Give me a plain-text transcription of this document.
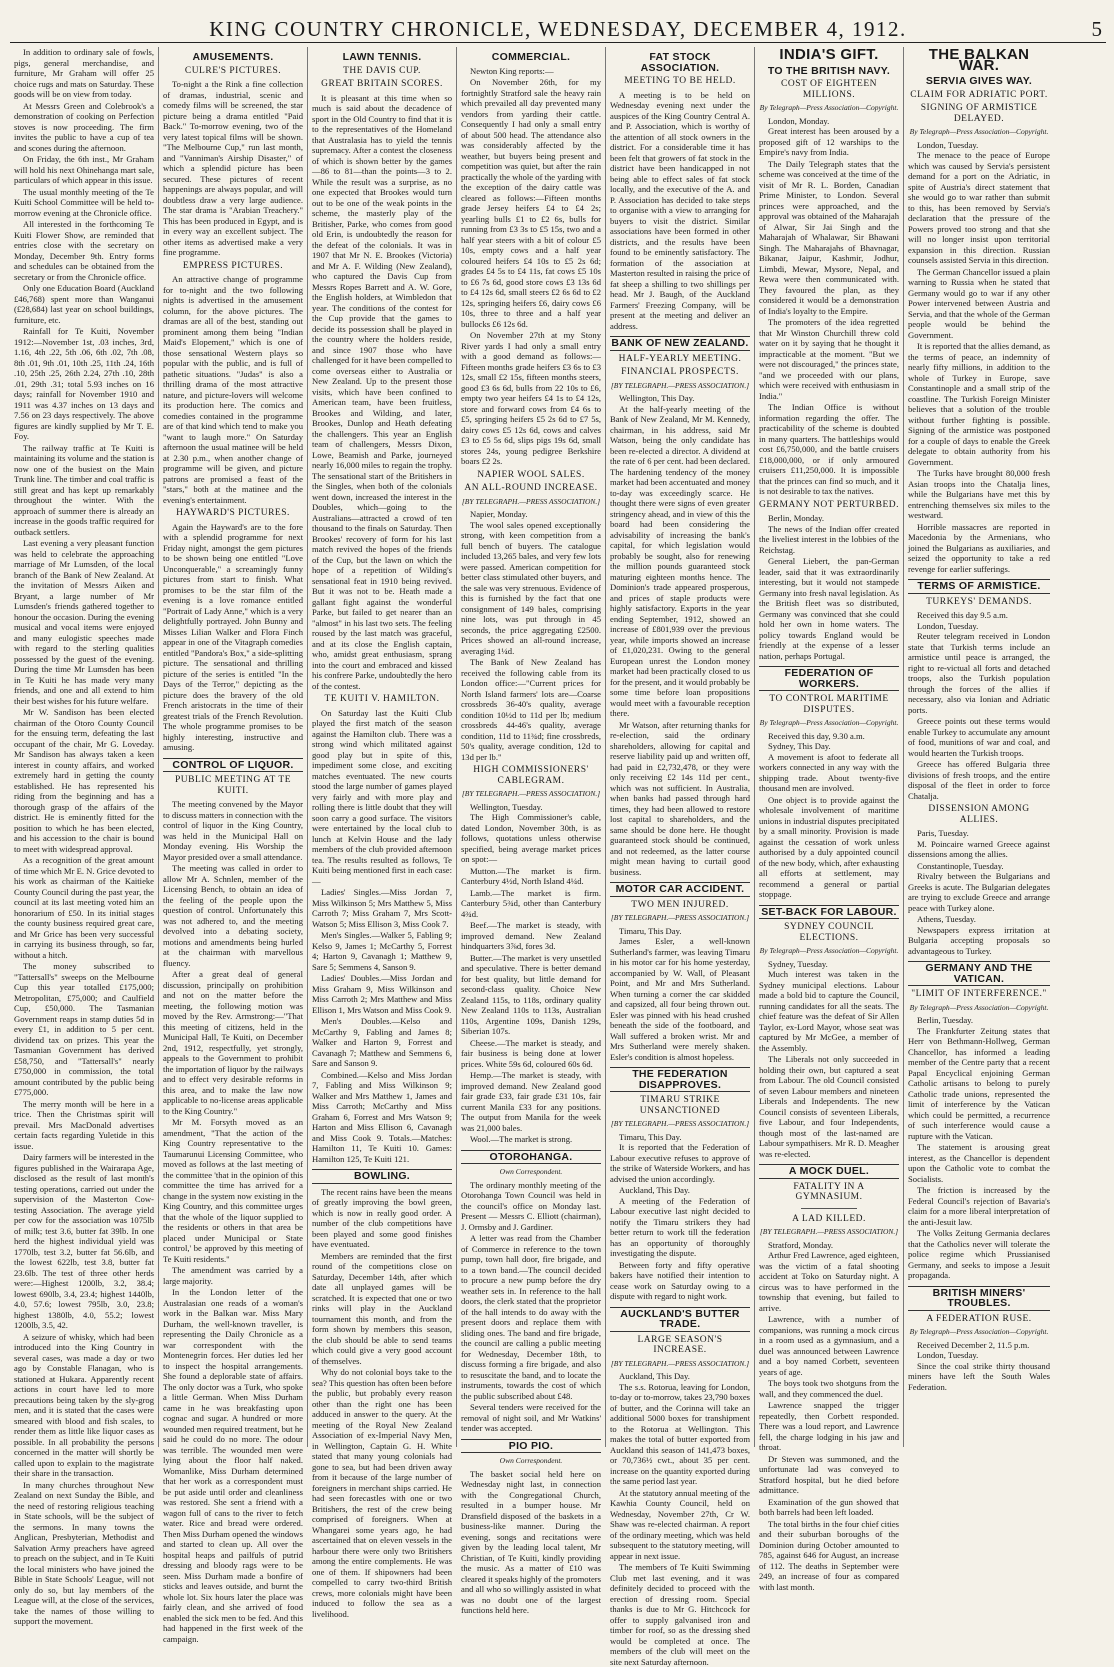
KING COUNTRY CHRONICLE, WEDNESDAY, DECEMBER 4, 1912.	5

In addition to ordinary sale of fowls, pigs, general merchandise, and furniture, Mr Graham will offer 25 choice rugs and mats on Saturday. These goods will be on view from today.

At Messrs Green and Colebrook's a demonstration of cooking on Perfection stoves is now proceeding. The firm invites the public to have a cup of tea and scones during the afternoon.

On Friday, the 6th inst., Mr Graham will hold his next Ohinehanga mart sale, particulars of which appear in this issue.

The usual monthly meeting of the Te Kuiti School Committee will be held to-morrow evening at the Chronicle office.

All interested in the forthcoming Te Kuiti Flower Show, are reminded that entries close with the secretary on Monday, December 9th. Entry forms and schedules can be obtained from the secretary or from the Chronicle office.

Only one Education Board (Auckland £46,768) spent more than Wanganui (£28,684) last year on school buildings, furniture, etc.

Rainfall for Te Kuiti, November 1912:—November 1st, .03 inches, 3rd, 1.16, 4th .22, 5th .06, 6th .02, 7th .08, 8th .01, 9th .01, 10th .25, 11th .24, 16th .10, 25th .25, 26th 2.24, 27th .10, 28th .01, 29th .31; total 5.93 inches on 16 days; rainfall for November 1910 and 1911 was 4.37 inches on 13 days and 7.56 on 23 days respectively. The above figures are kindly supplied by Mr T. E. Foy.

The railway traffic at Te Kuiti is maintaining its volume and the station is now one of the busiest on the Main Trunk line. The timber and coal traffic is still great and has kept up remarkably throughout the winter. With the approach of summer there is already an increase in the goods traffic required for outback settlers.

Last evening a very pleasant function was held to celebrate the approaching marriage of Mr Lumsden, of the local branch of the Bank of New Zealand. At the invitation of Messrs Aiken and Bryant, a large number of Mr Lumsden's friends gathered together to honour the occasion. During the evening musical and vocal items were enjoyed and many eulogistic speeches made with regard to the sterling qualities possessed by the guest of the evening. During the time Mr Lumsden has been in Te Kuiti he has made very many friends, and one and all extend to him their best wishes for his future welfare.

Mr W. Sandison has been elected chairman of the Otoro County Council for the ensuing term, defeating the last occupant of the chair, Mr G. Loveday. Mr Sandison has always taken a keen interest in county affairs, and worked extremely hard in getting the county established. He has represented his riding from the beginning and has a thorough grasp of the affairs of the district. He is eminently fitted for the position to which he has been elected, and his accession to the chair is bound to meet with widespread approval.

As a recognition of the great amount of time which Mr E. N. Grice devoted to his work as chairman of the Kaitieke County Council during the past year, the council at its last meeting voted him an honorarium of £50. In its initial stages the county business required great care, and Mr Grice has been very successful in carrying its business through, so far, without a hitch.

The money subscribed to "Tattersall's" sweeps on the Melbourne Cup this year totalled £175,000; Metropolitan, £75,000; and Caulfield Cup, £50,000. The Tasmanian Government reaps in stamp duties 5d in every £1, in addition to 5 per cent. dividend tax on prizes. This year the Tasmanian Government has derived £58,750, and "Tattersall's" nearly £750,000 in commission, the total amount contributed by the public being £775,000.

The merry month will be here in a trice. Then the Christmas spirit will prevail. Mrs MacDonald advertises certain facts regarding Yuletide in this issue.

Dairy farmers will be interested in the figures published in the Wairarapa Age, disclosed as the result of last month's testing operations, carried out under the supervision of the Masterton Cow-testing Association. The average yield per cow for the association was 1075lb of milk; test 3.6, butter fat 39lb. In one herd the highest individual yield was 1770lb, test 3.2, butter fat 56.6lb, and the lowest 622lb, test 3.8, butter fat 23.6lb. The test of three other herds were:—Highest 1200lb, 3.2, 38.4; lowest 690lb, 3.4, 23.4; highest 1440lb, 4.0, 57.6; lowest 795lb, 3.0, 23.8; highest 1380lb, 4.0, 55.2; lowest 1200lb, 3.5, 42.

A seizure of whisky, which had been introduced into the King Country in several cases, was made a day or two ago by Constable Flanagan, who is stationed at Hukara. Apparently recent actions in court have led to more precautions being taken by the sly-grog men, and it is stated that the cases were smeared with blood and fish scales, to render them as little like liquor cases as possible. In all probability the persons concerned in the matter will shortly be called upon to explain to the magistrate their share in the transaction.

In many churches throughout New Zealand on next Sunday the Bible, and the need of restoring religious teaching in State schools, will be the subject of the sermons. In many towns the Anglican, Presbyterian, Methodist and Salvation Army preachers have agreed to preach on the subject, and in Te Kuiti the local ministers who have joined the Bible in State Schools' League, will not only do so, but lay members of the League will, at the close of the services, take the names of those willing to support the movement.

AMUSEMENTS.
CULRE'S PICTURES.

To-night a the Rink a fine collection of dramas, industrial, scenic and comedy films will be screened, the star picture being a drama entitled "Paid Back." To-morrow evening, two of the very latest topical films will be shown. "The Melbourne Cup," run last month, and "Vanniman's Airship Disaster," of which a splendid picture has been secured. These pictures of recent happenings are always popular, and will doubtless draw a very large audience. The star drama is "Arabian Treachery." This has been produced in Egypt, and is in every way an excellent subject. The other items as advertised make a very fine programme.

EMPRESS PICTURES.

An attractive change of programme for to-night and the two following nights is advertised in the amusement column, for the above pictures. The dramas are all of the best, standing out prominent among them being "Indian Maid's Elopement," which is one of those sensational Western plays so popular with the public, and is full of pathetic situations. "Judas" is also a thrilling drama of the most attractive nature, and picture-lovers will welcome its production here. The comics and comedies contained in the programme are of that kind which tend to make you "want to laugh more." On Saturday afternoon the usual matinee will be held at 2.30 p.m., when another change of programme will be given, and picture patrons are promised a feast of the "stars," both at the matinee and the evening's entertainment.

HAYWARD'S PICTURES.

Again the Hayward's are to the fore with a splendid programme for next Friday night, amongst the gem pictures to be shown being one entitled "Love Unconquerable," a screamingly funny pictures from start to finish. What promises to be the star film of the evening is a love romance entitled "Portrait of Lady Anne," which is a very delightfully portrayed. John Bunny and Misses Lilian Walker and Flora Finch appear in one of the Vitagraph comedies entitled "Pandora's Box," a side-splitting picture. The sensational and thrilling picture of the series is entitled "In the Days of the Terror," depicting as the picture does the bravery of the old French aristocrats in the time of their greatest trials of the French Revolution. The whole programme promises to be highly interesting, instructive and amusing.

CONTROL OF LIQUOR.
PUBLIC MEETING AT TE KUITI.

The meeting convened by the Mayor to discuss matters in connection with the control of liquor in the King Country, was held in the Municipal Hall on Monday evening. His Worship the Mayor presided over a small attendance.

The meeting was called in order to allow Mr A. Schnlen, member of the Licensing Bench, to obtain an idea of the feeling of the people upon the question of control. Unfortunately this was not adhered to, and the meeting devolved into a debating society, motions and amendments being hurled at the chairman with marvellous fluency.

After a great deal of general discussion, principally on prohibition and not on the matter before the meeting, the following motion was moved by the Rev. Armstrong:—"That this meeting of citizens, held in the Municipal Hall, Te Kuiti, on December 2nd, 1912, respectfully, yet strongly, appeals to the Government to prohibit the importation of liquor by the railways and to effect very desirable reforms in this area, and to make the law now applicable to no-license areas applicable to the King Country."

Mr M. Forsyth moved as an amendment, "That the action of the King Country representative to the Taumarunui Licensing Committee, who moved as follows at the last meeting of the committee 'that in the opinion of this committee the time has arrived for a change in the system now existing in the King Country, and this committee urges that the whole of the liquor supplied to the residents or others in that area be placed under Municipal or State control,' be approved by this meeting of Te Kuiti residents."

The amendment was carried by a large majority.

In the London letter of the Australasian one reads of a woman's work in the Balkan war. Miss Mary Durham, the well-known traveller, is representing the Daily Chronicle as a war correspondent with the Montenegrin forces. Her duties led her to inspect the hospital arrangements. She found a deplorable state of affairs. The only doctor was a Turk, who spoke a little German. When Miss Durham came in he was breakfasting upon cognac and sugar. A hundred or more wounded men required treatment, but he said he could do no more. The odour was terrible. The wounded men were lying about the floor half naked. Womanlike, Miss Durham determined that her work as a correspondent must be put aside until order and cleanliness was restored. She sent a friend with a wagon full of cans to the river to fetch water. Rice and bread were ordered. Then Miss Durham opened the windows and started to clean up. All over the hospital heaps and pailfuls of putrid dressing and bloody rags were to be seen. Miss Durham made a bonfire of sticks and leaves outside, and burnt the whole lot. Six hours later the place was fairly clean, and she arrived of food enabled the sick men to be fed. And this had happened in the first week of the campaign.

LAWN TENNIS.
THE DAVIS CUP.
GREAT BRITAIN SCORES.

It is pleasant at this time when so much is said about the decadence of sport in the Old Country to find that it is to the representatives of the Homeland that Australasia has to yield the tennis supremacy. After a contest the closeness of which is shown better by the games—86 to 81—than the points—3 to 2. While the result was a surprise, as no one expected that Brookes would turn out to be one of the weak points in the scheme, the masterly play of the Britisher, Parke, who comes from good old Erin, is undoubtedly the reason for the defeat of the colonials. It was in 1907 that Mr N. E. Brookes (Victoria) and Mr A. F. Wilding (New Zealand), who captured the Davis Cup from Messrs Ropes Barrett and A. W. Gore, the English holders, at Wimbledon that year. The conditions of the contest for the Cup provide that the games to decide its possession shall be played in the country where the holders reside, and since 1907 those who have challenged for it have been compelled to come overseas either to Australia or New Zealand. Up to the present those visits, which have been confined to American team, have been fruitless, Brookes and Wilding, and later, Brookes, Dunlop and Heath defeating the challengers. This year an English team of challengers, Messrs Dixon, Lowe, Beamish and Parke, journeyed nearly 16,000 miles to regain the trophy. The sensational start of the Britishers in the Singles, when both of the colonials went down, increased the interest in the Doubles, which—going to the Australians—attracted a crowd of ten thousand to the finals on Saturday. Then Brookes' recovery of form for his last match revived the hopes of the friends of the Cup, but the lawn on which the hope of a repetition of Wilding's sensational feat in 1910 being revived. But it was not to be. Heath made a gallant fight against the wonderful Parke, but failed to get nearer than an "almost" in his last two sets. The feeling roused by the last match was graceful, and at its close the English captain, who, amidst great enthusiasm, sprang into the court and embraced and kissed his confrere Parke, undoubtedly the hero of the contest.

TE KUITI V. HAMILTON.

On Saturday last the Kuiti Club played the first match of the season against the Hamilton club. There was a strong wind which militated against good play but in spite of this, impediment some close, and exciting matches eventuated. The new courts stood the large number of games played very fairly and with more play and rolling there is little doubt that they will soon carry a good surface. The visitors were entertained by the local club to lunch at Kelvin House and the lady members of the club provided afternoon tea. The results resulted as follows, Te Kuiti being mentioned first in each case:—

Ladies' Singles.—Miss Jordan 7, Miss Wilkinson 5; Mrs Matthew 5, Miss Carroth 7; Miss Graham 7, Mrs Scott-Watson 5; Miss Ellison 3, Miss Cook 7.

Men's Singles.—Walker 5, Fabling 9; Kelso 9, James 1; McCarthy 5, Forrest 4; Harton 9, Cavanagh 1; Matthew 9, Sare 5; Semmens 4, Sanson 9.

Ladies' Doubles.—Miss Jordan and Miss Graham 9, Miss Wilkinson and Miss Carroth 2; Mrs Matthew and Miss Ellison 1, Mrs Watson and Miss Cook 9.

Men's Doubles.—Kelso and McCarthy 9, Fabling and James 8; Walker and Harton 9, Forrest and Cavanagh 7; Matthew and Semmens 6, Sare and Sanson 9.

Combined.—Kelso and Miss Jordan 7, Fabling and Miss Wilkinson 9; Walker and Mrs Matthew 1, James and Miss Carroth; McCarthy and Miss Graham 6, Forrest and Mrs Watson 9; Harton and Miss Ellison 6, Cavanagh and Miss Cook 9. Totals.—Matches: Hamilton 11, Te Kuiti 10. Games: Hamilton 125, Te Kuiti 121.

BOWLING.

The recent rains have been the means of greatly improving the bowl green, which is now in really good order. A number of the club competitions have been played and some good finishes have eventuated.

Members are reminded that the first round of the competitions close on Saturday, December 14th, after which date all unplayed games will be scratched. It is expected that one or two rinks will play in the Auckland tournament this month, and from the form shown by members this season, the club should be able to send teams which could give a very good account of themselves.

Why do not colonial boys take to the sea? This question has often been before the public, but probably every reason other than the right one has been adduced in answer to the query. At the meeting of the Royal New Zealand Association of ex-Imperial Navy Men, in Wellington, Captain G. H. White stated that many young colonials had gone to sea, but had been driven away from it because of the large number of foreigners in merchant ships carried. He had seen forecastles with one or two Britishers, the rest of the crew being comprised of foreigners. When at Whangarei some years ago, he had ascertained that on eleven vessels in the harbour there were only two Britishers among the entire complements. He was one of them. If shipowners had been compelled to carry two-third British crews, more colonials might have been induced to follow the sea as a livelihood.

COMMERCIAL.

Newton King reports:—

On November 26th, for my fortnightly Stratford sale the heavy rain which prevailed all day prevented many vendors from yarding their cattle. Consequently I had only a small entry of about 500 head. The attendance also was considerably affected by the weather, but buyers being present and competition was quiet, but after the rain practically the whole of the yarding with the exception of the dairy cattle was cleared as follows:—Fifteen months grade Jersey heifers £4 to £4 2s; yearling bulls £1 to £2 6s, bulls for running from £3 3s to £5 15s, two and a half year steers with a bit of colour £5 10s, empty cows and a half year coloured heifers £4 10s to £5 2s 6d; grades £4 5s to £4 11s, fat cows £5 10s to £6 7s 6d, good store cows £3 13s 6d to £4 12s 6d, small steers £2 6s 6d to £2 12s, springing heifers £6, dairy cows £6 10s, three to three and a half year bullocks £6 12s 6d.

On November 27th at my Stony River yards I had only a small entry with a good demand as follows:—Fifteen months grade heifers £3 6s to £3 12s, small £2 15s, fifteen months steers, good £3 6s 6d, bulls from 22 10s to £6, empty two year heifers £4 1s to £4 12s, store and forward cows from £4 6s to £5, springing heifers £5 2s 6d to £7 5s, dairy cows £5 12s 6d, cows and calves £3 to £5 5s 6d, slips pigs 19s 6d, small stores 24s, young pedigree Berkshire boars £2 2s.

NAPIER WOOL SALES.
AN ALL-ROUND INCREASE.
[BY TELEGRAPH.—PRESS ASSOCIATION.]
Napier, Monday.

The wool sales opened exceptionally strong, with keen competition from a full bench of buyers. The catalogue included 13,265 bales, and very few lots were passed. American competition for better class stimulated other buyers, and the sale was very strenuous. Evidence of this is furnished by the fact that one consignment of 149 bales, comprising nine lots, was put through in 45 seconds, the price aggregating £2500. Prices showed an all-round increase, averaging 1¼d.

The Bank of New Zealand has received the following cable from its London office:—"Current prices for North Island farmers' lots are—Coarse crossbreds 36-40's quality, average condition 10½d to 11d per lb; medium crossbreds 44-46's quality, average condition, 11d to 11¾d; fine crossbreds, 50's quality, average condition, 12d to 13d per lb."

HIGH COMMISSIONERS' CABLEGRAM.
[BY TELEGRAPH.—PRESS ASSOCIATION.]
Wellington, Tuesday.

The High Commissioner's cable, dated London, November 30th, is as follows, quotations unless otherwise specified, being average market prices on spot:—

Mutton.—The market is firm. Canterbury 4½d, North Island 4¼d.

Lamb.—The market is firm. Canterbury 5¾d, other than Canterbury 4¾d.

Beef.—The market is steady, with improved demand. New Zealand hindquarters 3⅞d, fores 3d.

Butter.—The market is very unsettled and speculative. There is better demand for best quality, but little demand for second-class quality. Choice New Zealand 115s, to 118s, ordinary quality New Zealand 110s to 113s, Australian 110s, Argentine 109s, Danish 129s, Siberian 107s.

Cheese.—The market is steady, and fair business is being done at lower prices. White 59s 6d, coloured 60s 6d.

Hemp.—The market is steady, with improved demand. New Zealand good fair grade £33, fair grade £31 10s, fair current Manila £33 for any positions. The output from Manila for the week was 21,000 bales.

Wool.—The market is strong.

OTOROHANGA.
Own Correspondent.

The ordinary monthly meeting of the Otorohanga Town Council was held in the council's office on Monday last. Present — Messrs C. Elliott (chairman), J. Ormsby and J. Gardiner.

A letter was read from the Chamber of Commerce in reference to the town pump, town hall door, fire brigade, and to a town band.—The council decided to procure a new pump before the dry weather sets in. In reference to the hall doors, the clerk stated that the proprietor of the hall intends to do away with the present doors and replace them with sliding ones. The band and fire brigade, the council are calling a public meeting for Wednesday, December 18th, to discuss forming a fire brigade, and also to resuscitate the band, and to locate the instruments, towards the cost of which the public subscribed about £48.

Several tenders were received for the removal of night soil, and Mr Watkins' tender was accepted.

PIO PIO.
Own Correspondent.

The basket social held here on Wednesday night last, in connection with the Congregational Church, resulted in a bumper house. Mr Dransfield disposed of the baskets in a business-like manner. During the evening, songs and recitations were given by the leading local talent, Mr Christian, of Te Kuiti, kindly providing the music. As a matter of £10 was cleared it speaks highly of the promoters and all who so willingly assisted in what was no doubt one of the largest functions held here.

FAT STOCK ASSOCIATION.
MEETING TO BE HELD.

A meeting is to be held on Wednesday evening next under the auspices of the King Country Central A. and P. Association, which is worthy of the attention of all stock owners in the district. For a considerable time it has been felt that growers of fat stock in the district have been handicapped in not being able to effect sales of fat stock locally, and the executive of the A. and P. Association has decided to take steps to organise with a view to arranging for buyers to visit the district. Similar associations have been formed in other districts, and the results have been found to be eminently satisfactory. The formation of the association at Masterton resulted in raising the price of fat sheep a shilling to two shillings per head. Mr J. Baugh, of the Auckland Farmers' Freezing Company, will be present at the meeting and deliver an address.

BANK OF NEW ZEALAND.
HALF-YEARLY MEETING.
FINANCIAL PROSPECTS.
[BY TELEGRAPH.—PRESS ASSOCIATION.]
Wellington, This Day.

At the half-yearly meeting of the Bank of New Zealand, Mr M. Kennedy, chairman, in his address, said Mr Watson, being the only candidate has been re-elected a director. A dividend at the rate of 6 per cent. had been declared. The hardening tendency of the money market had been accentuated and money to-day was exceedingly scarce. He thought there were signs of even greater stringency ahead, and in view of this the board had been considering the advisability of increasing the bank's capital, for which legislation would probably be sought, also for renewing the million pounds guaranteed stock maturing eighteen months hence. The Dominion's trade appeared prosperous, and prices of staple products were highly satisfactory. Exports in the year ending September, 1912, showed an increase of £801,939 over the previous year, while imports showed an increase of £1,020,231. Owing to the general European unrest the London money market had been practically closed to us for the present, and it would probably be some time before loan propositions would meet with a favourable reception there.

Mr Watson, after returning thanks for re-election, said the ordinary shareholders, allowing for capital and reserve liability paid up and written off, had paid in £2,732,478, or they were only receiving £2 14s 11d per cent., which was not sufficient. In Australia, when banks had passed through hard times, they had been allowed to restore lost capital to shareholders, and the same should be done here. He thought guaranteed stock should be continued, and not redeemed, as the latter course might mean having to curtail good business.

MOTOR CAR ACCIDENT.
TWO MEN INJURED.
[BY TELEGRAPH.—PRESS ASSOCIATION.]
Timaru, This Day.

James Esler, a well-known Sutherland's farmer, was leaving Timaru in his motor car for his home yesterday, accompanied by W. Wall, of Pleasant Point, and Mr and Mrs Sutherland. When turning a corner the car skidded and capsized, all four being thrown out. Esler was pinned with his head crushed beneath the side of the footboard, and Wall suffered a broken wrist. Mr and Mrs Sutherland were merely shaken. Esler's condition is almost hopeless.

THE FEDERATION DISAPPROVES.
TIMARU STRIKE UNSANCTIONED
[BY TELEGRAPH.—PRESS ASSOCIATION.]
Timaru, This Day.

It is reported that the Federation of Labour executive refuses to approve of the strike of Waterside Workers, and has advised the union accordingly.

Auckland, This Day.

A meeting of the Federation of Labour executive last night decided to notify the Timaru strikers they had better return to work till the federation has an opportunity of thoroughly investigating the dispute.

Between forty and fifty operative bakers have notified their intention to cease work on Saturday owing to a dispute with regard to night work.

AUCKLAND'S BUTTER TRADE.
LARGE SEASON'S INCREASE.
[BY TELEGRAPH.—PRESS ASSOCIATION.]
Auckland, This Day.

The s.s. Rotorua, leaving for London, to-day or to-morrow, takes 23,790 boxes of butter, and the Corinna will take an additional 5000 boxes for transhipment to the Rotorua at Wellington. This makes the total of butter exported from Auckland this season of 141,473 boxes, or 70,736½ cwt., about 35 per cent. increase on the quantity exported during the same period last year.

At the statutory annual meeting of the Kawhia County Council, held on Wednesday, November 27th, Cr W. Shaw was re-elected chairman. A report of the ordinary meeting, which was held subsequent to the statutory meeting, will appear in next issue.

The members of Te Kuiti Swimming Club met last evening, and it was definitely decided to proceed with the erection of dressing room. Special thanks is due to Mr G. Hitchcock for offer to supply galvanised iron and timber for roof, so as the dressing shed would be completed at once. The members of the club will meet on the site next Saturday afternoon.

INDIA'S GIFT.
TO THE BRITISH NAVY.
COST OF EIGHTEEN MILLIONS.
By Telegraph—Press Association—Copyright.
London, Monday.

Great interest has been aroused by a proposed gift of 12 warships to the Empire's navy from India.

The Daily Telegraph states that the scheme was conceived at the time of the visit of Mr R. L. Borden, Canadian Prime Minister, to London. Several princes were approached, and the approval was obtained of the Maharajah of Alwar, Sir Jai Singh and the Maharajah of Whalawar, Sir Bhawani Singh. The Maharajahs of Bhavnagar, Bikanar, Jaipur, Kashmir, Jodhur, Limbdi, Mewar, Mysore, Nepal, and Rewa were then communicated with. They favoured the plan, as they considered it would be a demonstration of India's loyalty to the Empire.

The promoters of the idea regretted that Mr Winston Churchill threw cold water on it by saying that he thought it impracticable at the moment. "But we were not discouraged," the princes state, "and we proceeded with our plans, which were received with enthusiasm in India."

The Indian Office is without information regarding the offer. The practicability of the scheme is doubted in many quarters. The battleships would cost £6,750,000, and the battle cruisers £18,000,000, or if only armoured cruisers £11,250,000. It is impossible that the princes can find so much, and it is not desirable to tax the natives.

GERMANY NOT PERTURBED.
Berlin, Monday.

The news of the Indian offer created the liveliest interest in the lobbies of the Reichstag.

General Liebert, the pan-German leader, said that it was extraordinarily interesting, but it would not stampede Germany into fresh naval legislation. As the British fleet was so distributed, Germany was convinced that she could hold her own in home waters. The policy towards England would be friendly at the expense of a lesser nation, perhaps Portugal.

FEDERATION OF WORKERS.
TO CONTROL MARITIME DISPUTES.
By Telegraph—Press Association—Copyright.
Received this day, 9.30 a.m.
Sydney, This Day.

A movement is afoot to federate all workers connected in any way with the shipping trade. About twenty-five thousand men are involved.

One object is to provide against the wholesale involvement of maritime unions in industrial disputes precipitated by a small minority. Provision is made against the cessation of work unless authorised by a duly appointed council of the new body, which, after exhausting all efforts at settlement, may recommend a general or partial stoppage.

SET-BACK FOR LABOUR.
SYDNEY COUNCIL ELECTIONS.
By Telegraph—Press Association—Copyright.
Sydney, Tuesday.

Much interest was taken in the Sydney municipal elections. Labour made a bold bid to capture the Council, running candidates for all the seats. The chief feature was the defeat of Sir Allen Taylor, ex-Lord Mayor, whose seat was captured by Mr McGee, a member of the Assembly.

The Liberals not only succeeded in holding their own, but captured a seat from Labour. The old Council consisted of seven Labour members and nineteen Liberals and Independents. The new Council consists of seventeen Liberals, five Labour, and four Independents, though most of the last-named are Labour sympathisers. Mr R. D. Meagher was re-elected.

A MOCK DUEL.
FATALITY IN A GYMNASIUM.
A LAD KILLED.
[BY TELEGRAPH.—PRESS ASSOCIATION.]
Stratford, Monday.

Arthur Fred Lawrence, aged eighteen, was the victim of a fatal shooting accident at Toko on Saturday night. A circus was to have performed in the township that evening, but failed to arrive.

Lawrence, with a number of companions, was running a mock circus in a room used as a gymnasium, and a duel was announced between Lawrence and a boy named Corbett, seventeen years of age.

The boys took two shotguns from the wall, and they commenced the duel.

Lawrence snapped the trigger repeatedly, then Corbett responded. There was a loud report, and Lawrence fell, the charge lodging in his jaw and throat.

Dr Steven was summoned, and the unfortunate lad was conveyed to Stratford hospital, but he died before admittance.

Examination of the gun showed that both barrels had been left loaded.

The total births in the four chief cities and their suburban boroughs of the Dominion during October amounted to 785, against 646 for August, an increase of 112. The deaths in September were 249, an increase of four as compared with last month.

THE BALKAN WAR.
SERVIA GIVES WAY.
CLAIM FOR ADRIATIC PORT.
SIGNING OF ARMISTICE DELAYED.
By Telegraph—Press Association—Copyright.
London, Tuesday.

The menace to the peace of Europe which was caused by Servia's persistent demand for a port on the Adriatic, in spite of Austria's direct statement that she would go to war rather than submit to this, has been removed by Servia's declaration that the pressure of the Powers proved too strong and that she will no longer insist upon territorial expansion in this direction. Russian counsels assisted Servia in this direction.

The German Chancellor issued a plain warning to Russia when he stated that Germany would go to war if any other Power intervened between Austria and Servia, and that the whole of the German people would be behind the Government.

It is reported that the allies demand, as the terms of peace, an indemnity of nearly fifty millions, in addition to the whole of Turkey in Europe, save Constantinople and a small strip of the coastline. The Turkish Foreign Minister believes that a solution of the trouble without further fighting is possible. Signing of the armistice was postponed for a couple of days to enable the Greek delegate to obtain authority from his Government.

The Turks have brought 80,000 fresh Asian troops into the Chatalja lines, while the Bulgarians have met this by entrenching themselves six miles to the westward.

Horrible massacres are reported in Macedonia by the Armenians, who joined the Bulgarians as auxiliaries, and seized the opportunity to take a red revenge for earlier sufferings.

TERMS OF ARMISTICE.
TURKEYS' DEMANDS.
Received this day 9.5 a.m.
London, Tuesday.

Reuter telegram received in London state that Turkish terms include an armistice until peace is arranged, the right to re-victual all forts and detached troops, also the Turkish population through the forces of the allies if necessary, also via Ionian and Adriatic ports.

Greece points out these terms would enable Turkey to accumulate any amount of food, munitions of war and coal, and would hearten the Turkish troops.

Greece has offered Bulgaria three divisions of fresh troops, and the entire disposal of the fleet in order to force Chatalja.

DISSENSION AMONG ALLIES.
Paris, Tuesday.

M. Poincaire warned Greece against dissensions among the allies.

Constantinople, Tuesday.

Rivalry between the Bulgarians and Greeks is acute. The Bulgarian delegates are trying to exclude Greece and arrange peace with Turkey alone.

Athens, Tuesday.

Newspapers express irritation at Bulgaria accepting proposals so advantageous to Turkey.

GERMANY AND THE VATICAN.
"LIMIT OF INTERFERENCE."
By Telegraph—Press Association—Copyright.
Berlin, Tuesday.

The Frankfurter Zeitung states that Herr von Bethmann-Hollweg, German Chancellor, has informed a leading member of the Centre party that a recent Papal Encyclical enjoining German Catholic artisans to belong to purely Catholic trade unions, represented the limit of interference by the Vatican which could be permitted, a recurrence of such interference would cause a rupture with the Vatican.

The statement is arousing great interest, as the Chancellor is dependent upon the Catholic vote to combat the Socialists.

The friction is increased by the Federal Council's rejection of Bavaria's claim for a more liberal interpretation of the anti-Jesuit law.

The Volks Zeitung Germania declares that the Catholics never will tolerate the police regime which Prussianised Germany, and seeks to impose a Jesuit propaganda.

BRITISH MINERS' TROUBLES.
A FEDERATION RUSE.
By Telegraph—Press Association—Copyright.
Received December 2, 11.5 p.m.
London, Tuesday.

Since the coal strike thirty thousand miners have left the South Wales Federation.
